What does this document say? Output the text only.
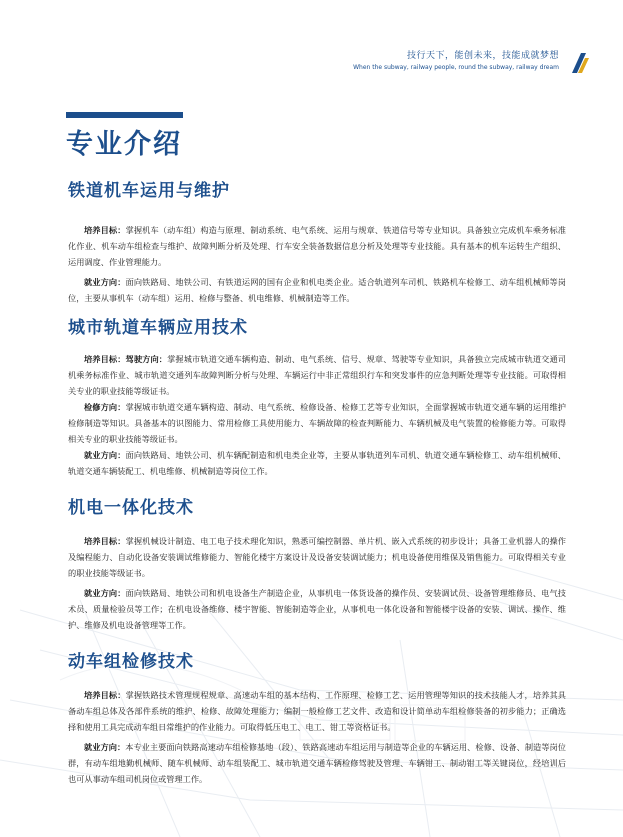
技行天下，能创未来，技能成就梦想
When the subway, railway people, round the subway, railway dream
专业介绍
铁道机车运用与维护

培养目标：掌握机车（动车组）构造与原理、制动系统、电气系统、运用与规章、铁道信号等专业知识。具备独立完成机车乘务标准化作业、机车动车组检查与维护、故障判断分析及处理、行车安全装备数据信息分析及处理等专业技能。具有基本的机车运转生产组织、运用调度、作业管理能力。

就业方向：面向铁路局、地铁公司、有铁道运网的国有企业和机电类企业。适合轨道列车司机、铁路机车检修工、动车组机械师等岗位，主要从事机车（动车组）运用、检修与整备、机电维修、机械制造等工作。

城市轨道车辆应用技术

培养目标：驾驶方向：掌握城市轨道交通车辆构造、制动、电气系统、信号、规章、驾驶等专业知识，具备独立完成城市轨道交通司机乘务标准作业、城市轨道交通列车故障判断分析与处理、车辆运行中非正常组织行车和突发事件的应急判断处理等专业技能。可取得相关专业的职业技能等级证书。

检修方向：掌握城市轨道交通车辆构造、制动、电气系统、检修设备、检修工艺等专业知识，全面掌握城市轨道交通车辆的运用维护检修制造等知识。具备基本的识图能力、常用检修工具使用能力、车辆故障的检查判断能力、车辆机械及电气装置的检修能力等。可取得相关专业的职业技能等级证书。

就业方向：面向铁路局、地铁公司、机车辆配制造和机电类企业等，主要从事轨道列车司机、轨道交通车辆检修工、动车组机械师、轨道交通车辆装配工、机电维修、机械制造等岗位工作。

机电一体化技术

培养目标：掌握机械设计制造、电工电子技术理化知识，熟悉可编控制器、单片机、嵌入式系统的初步设计；具备工业机器人的操作及编程能力、自动化设备安装调试维修能力、智能化楼宇方案设计及设备安装调试能力；机电设备使用维保及销售能力。可取得相关专业的职业技能等级证书。

就业方向：面向铁路局、地铁公司和机电设备生产制造企业，从事机电一体货设备的操作员、安装调试员、设备管理维修员、电气技术员、质量检验员等工作；在机电设备维修、楼宇智能、智能制造等企业，从事机电一体化设备和智能楼宇设备的安装、调试、操作、维护、维修及机电设备管理等工作。

动车组检修技术

培养目标：掌握铁路技术管理规程规章、高速动车组的基本结构、工作原理、检修工艺、运用管理等知识的技术技能人才，培养其具备动车组总体及各部件系统的维护、检修、故障处理能力；编制一般检修工艺文件、改造和设计简单动车组检修装备的初步能力；正确选择和使用工具完成动车组日常维护的作业能力。可取得低压电工、电工、钳工等资格证书。

就业方向：本专业主要面向铁路高速动车组检修基地（段）、铁路高速动车组运用与制造等企业的车辆运用、检修、设备、制造等岗位群，有动车组地勤机械师、随车机械师、动车组装配工、城市轨道交通车辆检修驾驶及管理、车辆钳工、制动钳工等关键岗位，经培训后也可从事动车组司机岗位或管理工作。
